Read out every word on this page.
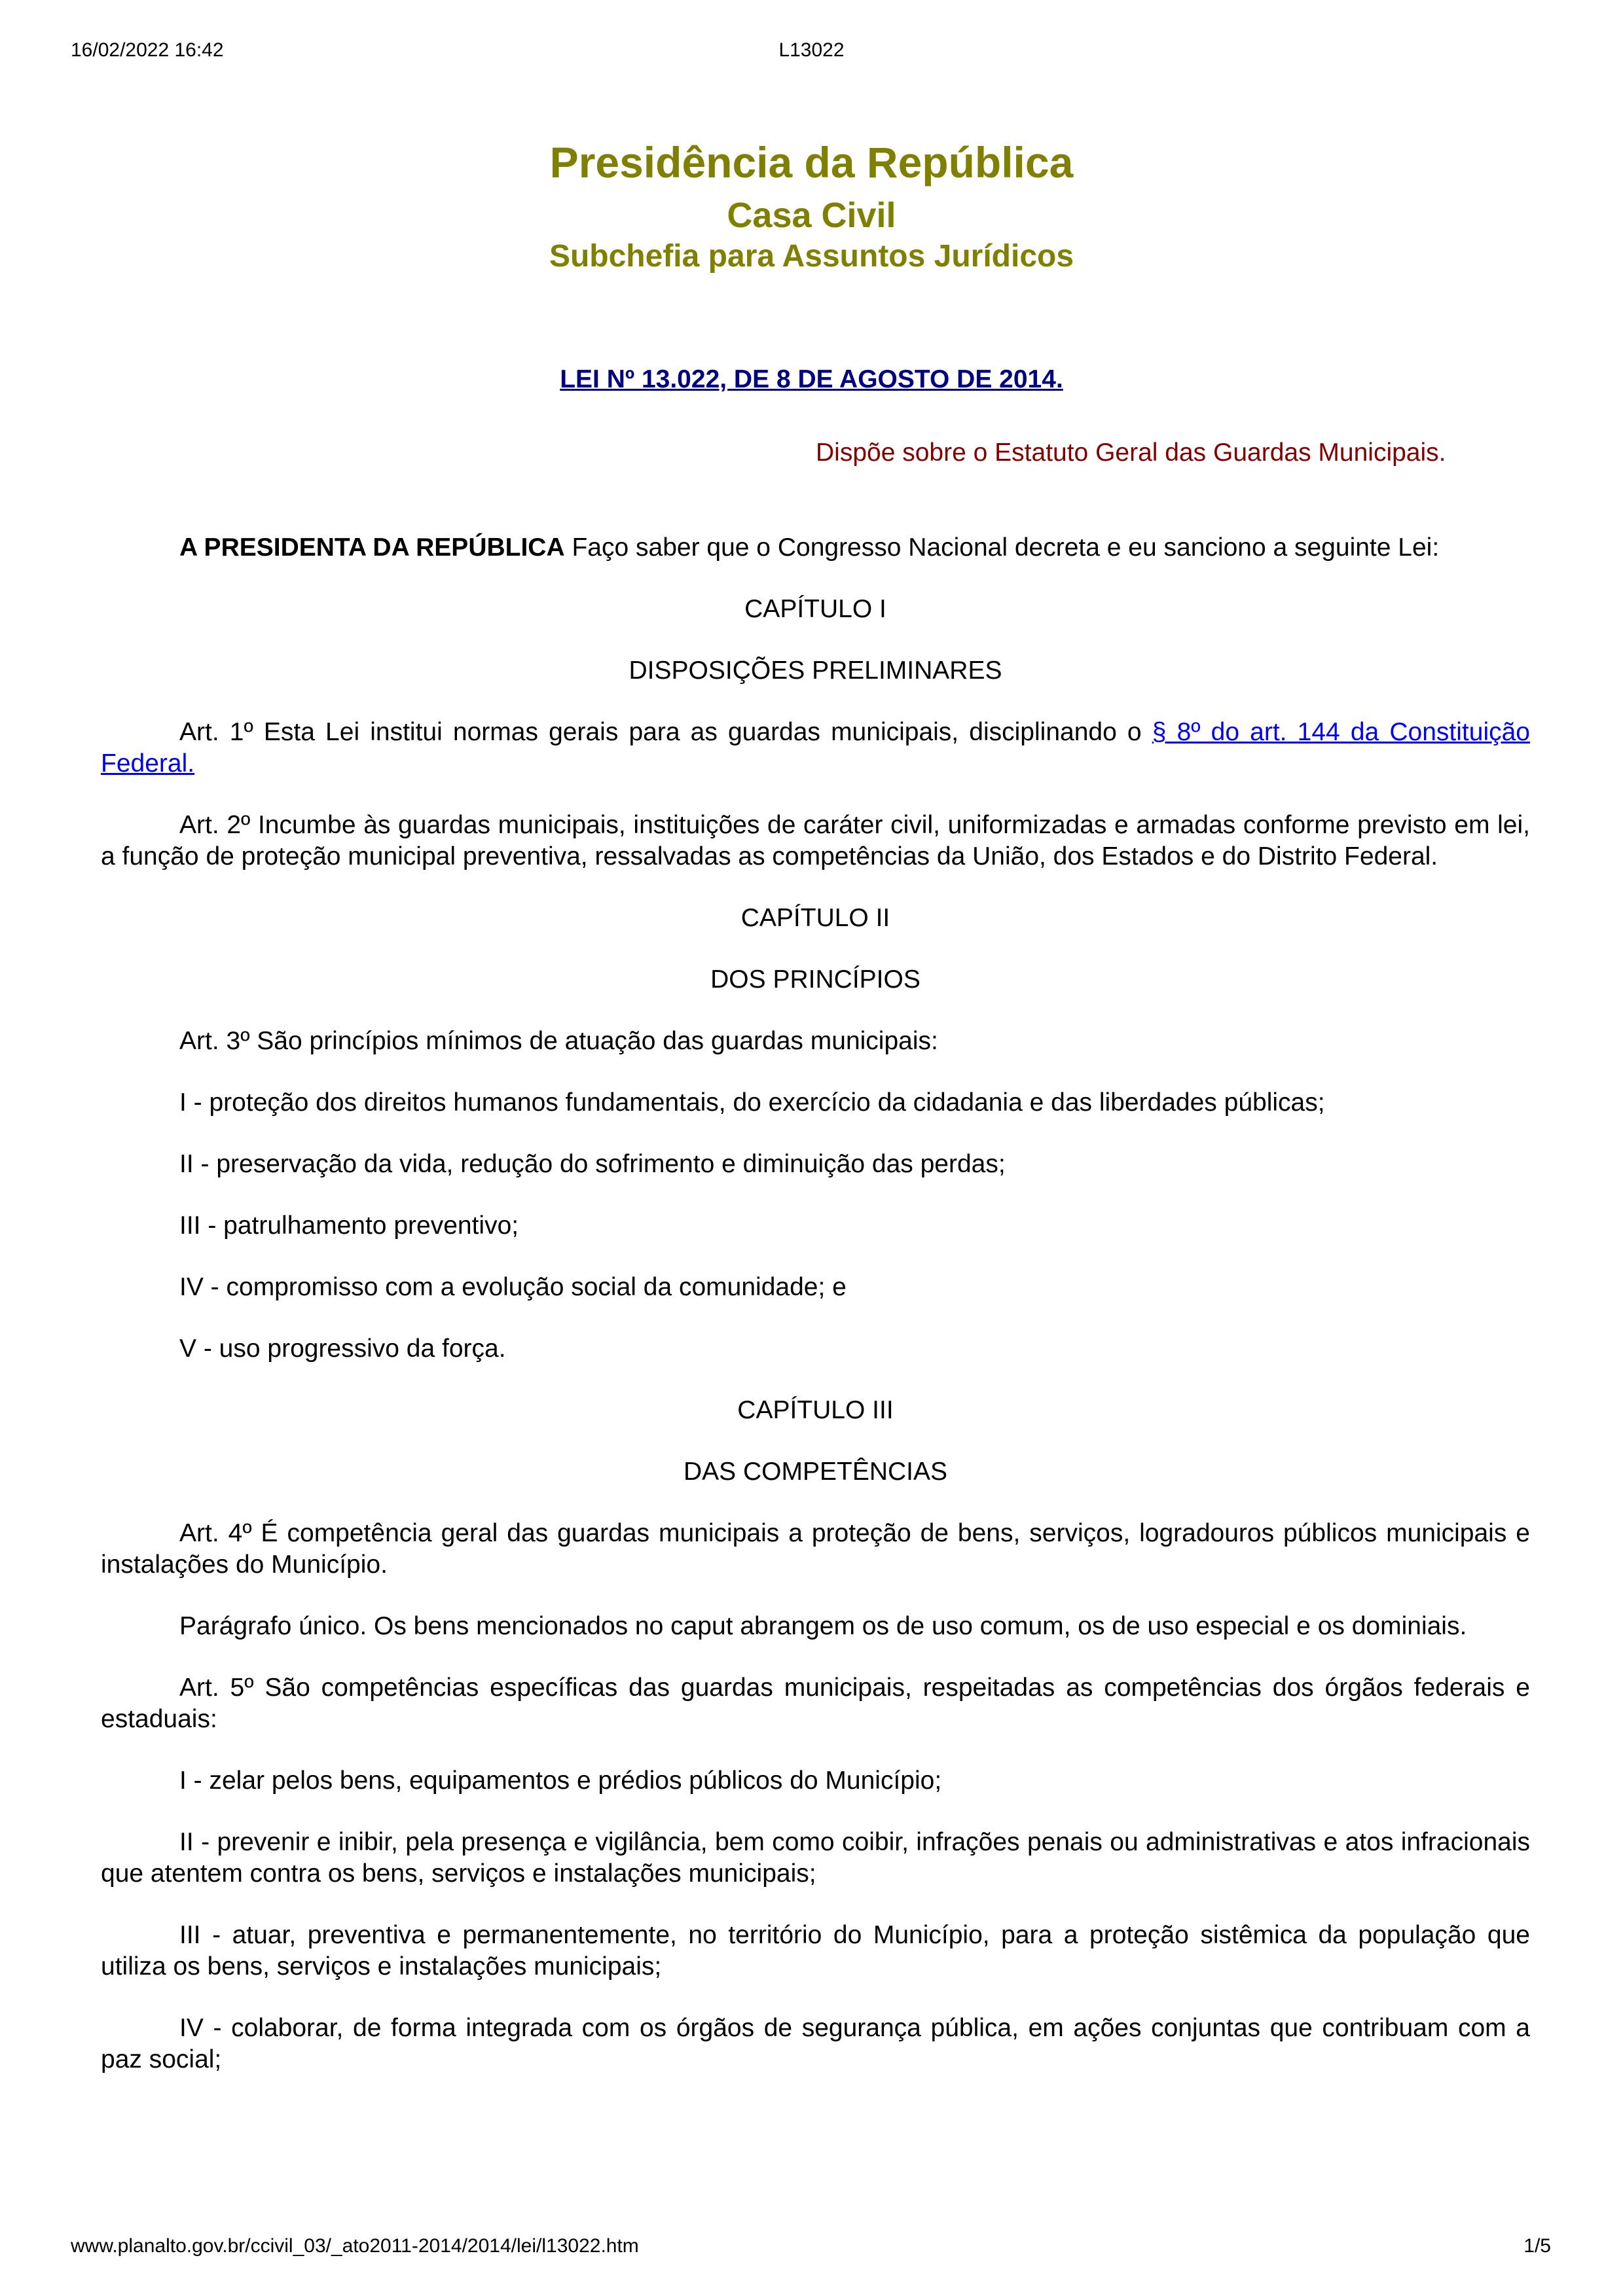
16/02/2022 16:42	L13022
Presidência da República
Casa Civil
Subchefia para Assuntos Jurídicos
LEI Nº 13.022, DE 8 DE AGOSTO DE 2014.
Dispõe sobre o Estatuto Geral das Guardas Municipais.

A PRESIDENTA DA REPÚBLICA Faço saber que o Congresso Nacional decreta e eu sanciono a seguinte Lei:

CAPÍTULO I

DISPOSIÇÕES PRELIMINARES

Art. 1º Esta Lei institui normas gerais para as guardas municipais, disciplinando o § 8º do art. 144 da Constituição Federal.

Art. 2º Incumbe às guardas municipais, instituições de caráter civil, uniformizadas e armadas conforme previsto em lei, a função de proteção municipal preventiva, ressalvadas as competências da União, dos Estados e do Distrito Federal.

CAPÍTULO II

DOS PRINCÍPIOS

Art. 3º São princípios mínimos de atuação das guardas municipais:

I - proteção dos direitos humanos fundamentais, do exercício da cidadania e das liberdades públicas;

II - preservação da vida, redução do sofrimento e diminuição das perdas;

III - patrulhamento preventivo;

IV - compromisso com a evolução social da comunidade; e

V - uso progressivo da força.

CAPÍTULO III

DAS COMPETÊNCIAS

Art. 4º É competência geral das guardas municipais a proteção de bens, serviços, logradouros públicos municipais e instalações do Município.

Parágrafo único. Os bens mencionados no caput abrangem os de uso comum, os de uso especial e os dominiais.

Art. 5º São competências específicas das guardas municipais, respeitadas as competências dos órgãos federais e estaduais:

I - zelar pelos bens, equipamentos e prédios públicos do Município;

II - prevenir e inibir, pela presença e vigilância, bem como coibir, infrações penais ou administrativas e atos infracionais que atentem contra os bens, serviços e instalações municipais;

III - atuar, preventiva e permanentemente, no território do Município, para a proteção sistêmica da população que utiliza os bens, serviços e instalações municipais;

IV - colaborar, de forma integrada com os órgãos de segurança pública, em ações conjuntas que contribuam com a paz social;

www.planalto.gov.br/ccivil_03/_ato2011-2014/2014/lei/l13022.htm	1/5
